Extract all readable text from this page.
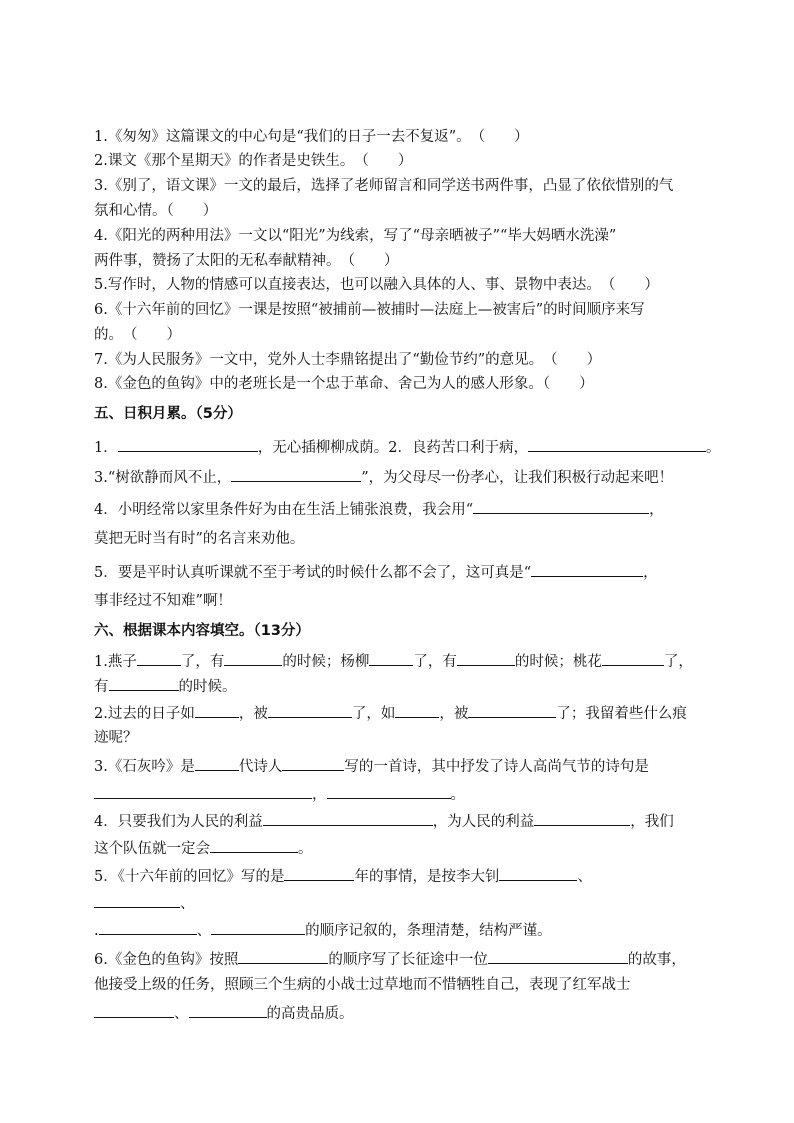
1.《匆匆》这篇课文的中心句是“我们的日子一去不复返”。　（　　）
2.课文《那个星期天》的作者是史铁生。　（　　）
3.《别了，语文课》一文的最后，选择了老师留言和同学送书两件事，凸显了依依惜别的气
氛和心情。（　　）
4.《阳光的两种用法》一文以“阳光”为线索，写了“母亲晒被子”“毕大妈晒水洗澡”
两件事，赞扬了太阳的无私奉献精神。　（　　）
5.写作时，人物的情感可以直接表达，也可以融入具体的人、事、景物中表达。　（　　）
6.《十六年前的回忆》一课是按照“被捕前—被捕时—法庭上—被害后”的时间顺序来写
的。　（　　）
7.《为人民服务》一文中，党外人士李鼎铭提出了“勤俭节约”的意见。　（　　）
8.《金色的鱼钩》中的老班长是一个忠于革命、舍己为人的感人形象。（　　）
五、日积月累。（5分）
1．	，无心插柳柳成荫。2．良药苦口利于病，	。
3.“树欲静而风不止，	”，为父母尽一份孝心，让我们积极行动起来吧！
4．小明经常以家里条件好为由在生活上铺张浪费，我会用“	，
莫把无时当有时”的名言来劝他。
5．要是平时认真听课就不至于考试的时候什么都不会了，这可真是“	，
事非经过不知难”啊！
六、根据课本内容填空。（13分）
1.燕子	了，有	的时候；杨柳	了，有	的时候；桃花	了，
有	的时候。
2.过去的日子如	，被	了，如	，被	了；我留着些什么痕
迹呢？
3.《石灰吟》是	代诗人	写的一首诗，其中抒发了诗人高尚气节的诗句是
，	。
4．只要我们为人民的利益	，为人民的利益	，我们
这个队伍就一定会	。
5．《十六年前的回忆》写的是	年的事情，是按李大钊	、
、
.	、	的顺序记叙的，条理清楚，结构严谨。
6.《金色的鱼钩》按照	的顺序写了长征途中一位	的故事，
他接受上级的任务，照顾三个生病的小战士过草地而不惜牺牲自己，表现了红军战士
、	的高贵品质。
